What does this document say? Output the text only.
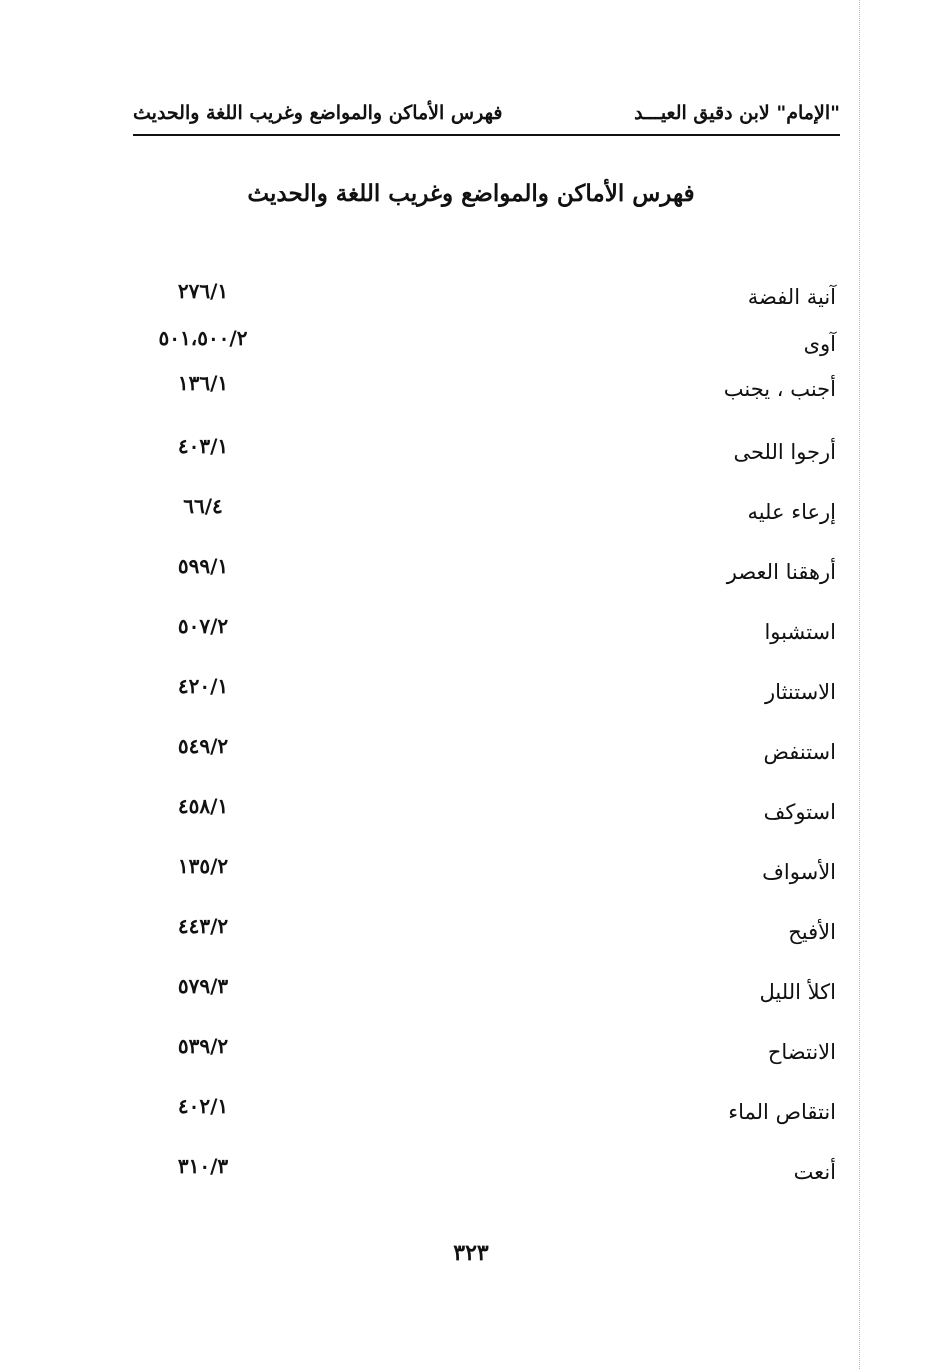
"الإمام" لابن دقيق العيـــد
فهرس الأماكن والمواضع وغريب اللغة والحديث
فهرس الأماكن والمواضع وغريب اللغة والحديث
آنية الفضة
٢٧٦/١
آوى
٥٠١،٥٠٠/٢
أجنب ، يجنب
١٣٦/١
أرجوا اللحى
٤٠٣/١
إرعاء عليه
٦٦/٤
أرهقنا العصر
٥٩٩/١
استشبوا
٥٠٧/٢
الاستنثار
٤٢٠/١
استنفض
٥٤٩/٢
استوكف
٤٥٨/١
الأسواف
١٣٥/٢
الأفيح
٤٤٣/٢
اكلأ الليل
٥٧٩/٣
الانتضاح
٥٣٩/٢
انتقاص الماء
٤٠٢/١
أنعت
٣١٠/٣
٣٢٣
